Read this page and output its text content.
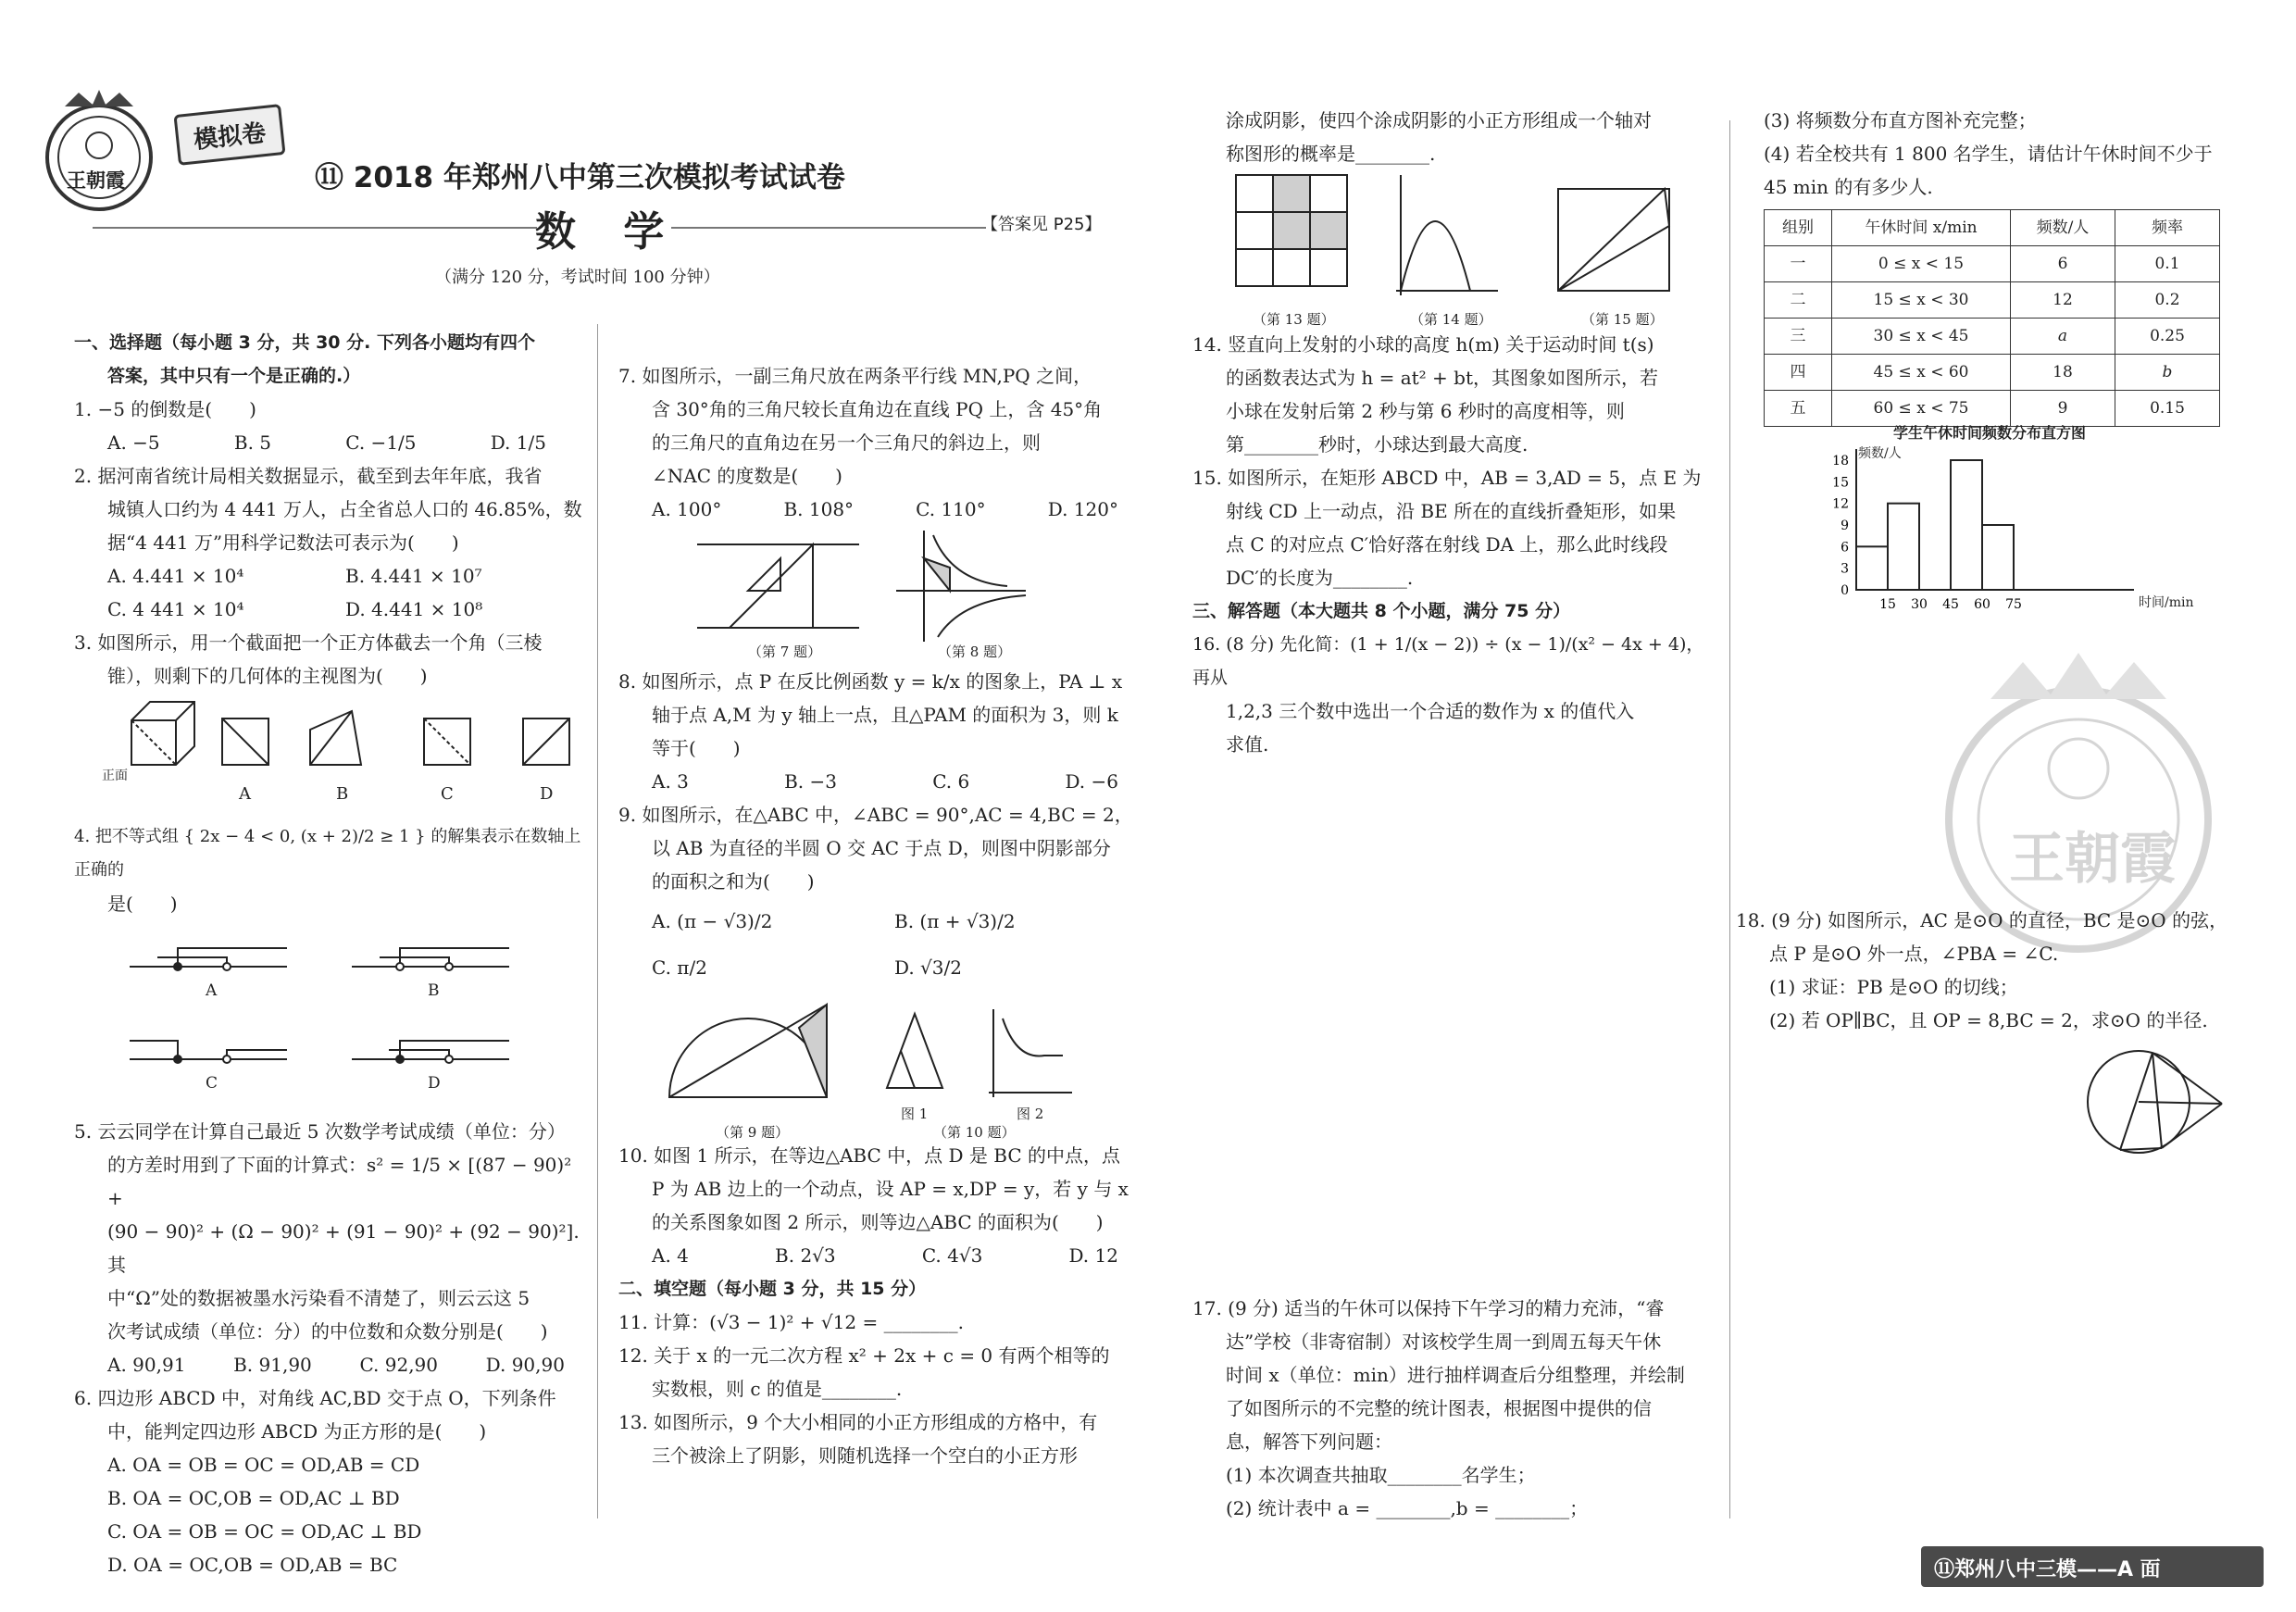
王朝霞
模拟卷
⑪ 2018 年郑州八中第三次模拟考试试卷
数 学	【答案见 P25】
（满分 120 分，考试时间 100 分钟）

一、选择题（每小题 3 分，共 30 分. 下列各小题均有四个

答案，其中只有一个是正确的.）

1. −5 的倒数是(　　)

A. −5	B. 5	C. −1/5	D. 1/5

2. 据河南省统计局相关数据显示，截至到去年年底，我省

城镇人口约为 4 441 万人，占全省总人口的 46.85%，数

据“4 441 万”用科学记数法可表示为(　　)

A. 4.441 × 10⁴	B. 4.441 × 10⁷
C. 4 441 × 10⁴	D. 4.441 × 10⁸

3. 如图所示，用一个截面把一个正方体截去一个角（三棱

锥），则剩下的几何体的主视图为(　　)

正面
A	B	C	D

4. 把不等式组 { 2x − 4 < 0, (x + 2)/2 ≥ 1 } 的解集表示在数轴上正确的

是(　　)

A	B
C	D

5. 云云同学在计算自己最近 5 次数学考试成绩（单位：分）

的方差时用到了下面的计算式：s² = 1/5 × [(87 − 90)² +

(90 − 90)² + (Ω − 90)² + (91 − 90)² + (92 − 90)²]. 其

中“Ω”处的数据被墨水污染看不清楚了，则云云这 5

次考试成绩（单位：分）的中位数和众数分别是(　　)

A. 90,91	B. 91,90	C. 92,90	D. 90,90

6. 四边形 ABCD 中，对角线 AC,BD 交于点 O，下列条件

中，能判定四边形 ABCD 为正方形的是(　　)

A. OA = OB = OC = OD,AB = CD

B. OA = OC,OB = OD,AC ⊥ BD

C. OA = OB = OC = OD,AC ⊥ BD

D. OA = OC,OB = OD,AB = BC

7. 如图所示，一副三角尺放在两条平行线 MN,PQ 之间，

含 30°角的三角尺较长直角边在直线 PQ 上，含 45°角

的三角尺的直角边在另一个三角尺的斜边上，则

∠NAC 的度数是(　　)

A. 100°	B. 108°	C. 110°	D. 120°
（第 7 题）	（第 8 题）

8. 如图所示，点 P 在反比例函数 y = k/x 的图象上，PA ⊥ x

轴于点 A,M 为 y 轴上一点，且△PAM 的面积为 3，则 k

等于(　　)

A. 3	B. −3	C. 6	D. −6

9. 如图所示，在△ABC 中，∠ABC = 90°,AC = 4,BC = 2，

以 AB 为直径的半圆 O 交 AC 于点 D，则图中阴影部分

的面积之和为(　　)

A. (π − √3)/2	B. (π + √3)/2
C. π/2	D. √3/2
（第 9 题）
图 1	图 2
（第 10 题）

10. 如图 1 所示，在等边△ABC 中，点 D 是 BC 的中点，点

P 为 AB 边上的一个动点，设 AP = x,DP = y，若 y 与 x

的关系图象如图 2 所示，则等边△ABC 的面积为(　　)

A. 4	B. 2√3	C. 4√3	D. 12

二、填空题（每小题 3 分，共 15 分）

11. 计算：(√3 − 1)² + √12 = ________.

12. 关于 x 的一元二次方程 x² + 2x + c = 0 有两个相等的

实数根，则 c 的值是________.

13. 如图所示，9 个大小相同的小正方形组成的方格中，有

三个被涂上了阴影，则随机选择一个空白的小正方形

涂成阴影，使四个涂成阴影的小正方形组成一个轴对

称图形的概率是________.

（第 13 题）	（第 14 题）	（第 15 题）

14. 竖直向上发射的小球的高度 h(m) 关于运动时间 t(s)

的函数表达式为 h = at² + bt，其图象如图所示，若

小球在发射后第 2 秒与第 6 秒时的高度相等，则

第________秒时，小球达到最大高度.

15. 如图所示，在矩形 ABCD 中，AB = 3,AD = 5，点 E 为

射线 CD 上一动点，沿 BE 所在的直线折叠矩形，如果

点 C 的对应点 C′恰好落在射线 DA 上，那么此时线段

DC′的长度为________.

三、解答题（本大题共 8 个小题，满分 75 分）

16. (8 分) 先化简：(1 + 1/(x − 2)) ÷ (x − 1)/(x² − 4x + 4)，再从

1,2,3 三个数中选出一个合适的数作为 x 的值代入

求值.

17. (9 分) 适当的午休可以保持下午学习的精力充沛，“睿

达”学校（非寄宿制）对该校学生周一到周五每天午休

时间 x（单位：min）进行抽样调查后分组整理，并绘制

了如图所示的不完整的统计图表，根据图中提供的信

息，解答下列问题：

(1) 本次调查共抽取________名学生；

(2) 统计表中 a = ________,b = ________；

(3) 将频数分布直方图补充完整；

(4) 若全校共有 1 800 名学生，请估计午休时间不少于

45 min 的有多少人.

组别	午休时间 x/min	频数/人	频率
一	0 ≤ x < 15	6	0.1
二	15 ≤ x < 30	12	0.2
三	30 ≤ x < 45	a	0.25
四	45 ≤ x < 60	18	b
五	60 ≤ x < 75	9	0.15
学生午休时间频数分布直方图
频数/人
时间/min
0
3
6
9
12
15
18
15 30 45 60 75
王朝霞

18. (9 分) 如图所示，AC 是⊙O 的直径，BC 是⊙O 的弦，

点 P 是⊙O 外一点，∠PBA = ∠C.

(1) 求证：PB 是⊙O 的切线；

(2) 若 OP∥BC，且 OP = 8,BC = 2，求⊙O 的半径.

⑪郑州八中三模——A 面
